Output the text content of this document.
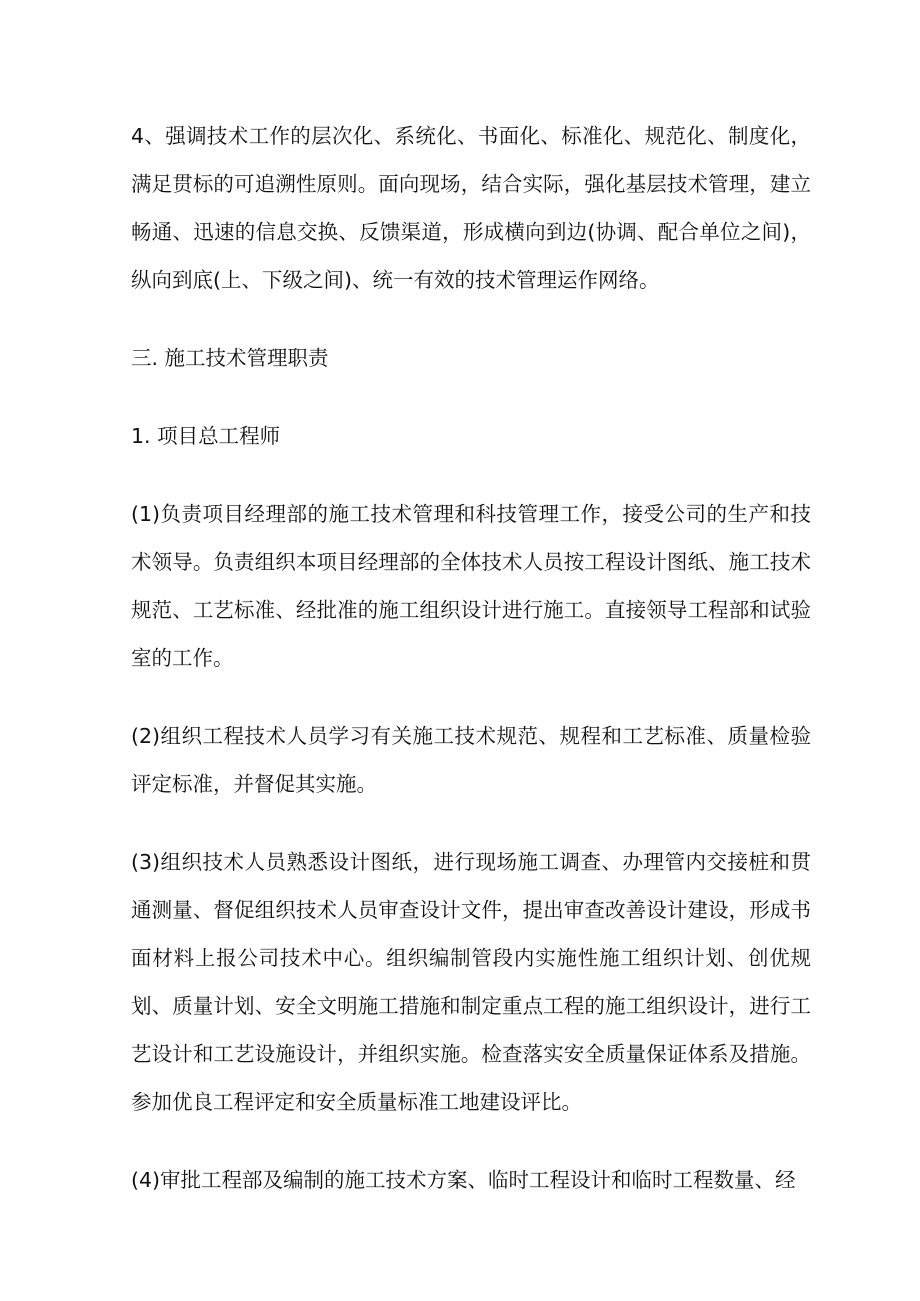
4、强调技术工作的层次化、系统化、书面化、标准化、规范化、制度化，满足贯标的可追溯性原则。面向现场，结合实际，强化基层技术管理，建立畅通、迅速的信息交换、反馈渠道，形成横向到边(协调、配合单位之间)，纵向到底(上、下级之间)、统一有效的技术管理运作网络。

三. 施工技术管理职责

1. 项目总工程师

(1)负责项目经理部的施工技术管理和科技管理工作，接受公司的生产和技术领导。负责组织本项目经理部的全体技术人员按工程设计图纸、施工技术规范、工艺标准、经批准的施工组织设计进行施工。直接领导工程部和试验室的工作。

(2)组织工程技术人员学习有关施工技术规范、规程和工艺标准、质量检验评定标准，并督促其实施。

(3)组织技术人员熟悉设计图纸，进行现场施工调查、办理管内交接桩和贯通测量、督促组织技术人员审查设计文件，提出审查改善设计建设，形成书面材料上报公司技术中心。组织编制管段内实施性施工组织计划、创优规划、质量计划、安全文明施工措施和制定重点工程的施工组织设计，进行工艺设计和工艺设施设计，并组织实施。检查落实安全质量保证体系及措施。参加优良工程评定和安全质量标准工地建设评比。

(4)审批工程部及编制的施工技术方案、临时工程设计和临时工程数量、经
